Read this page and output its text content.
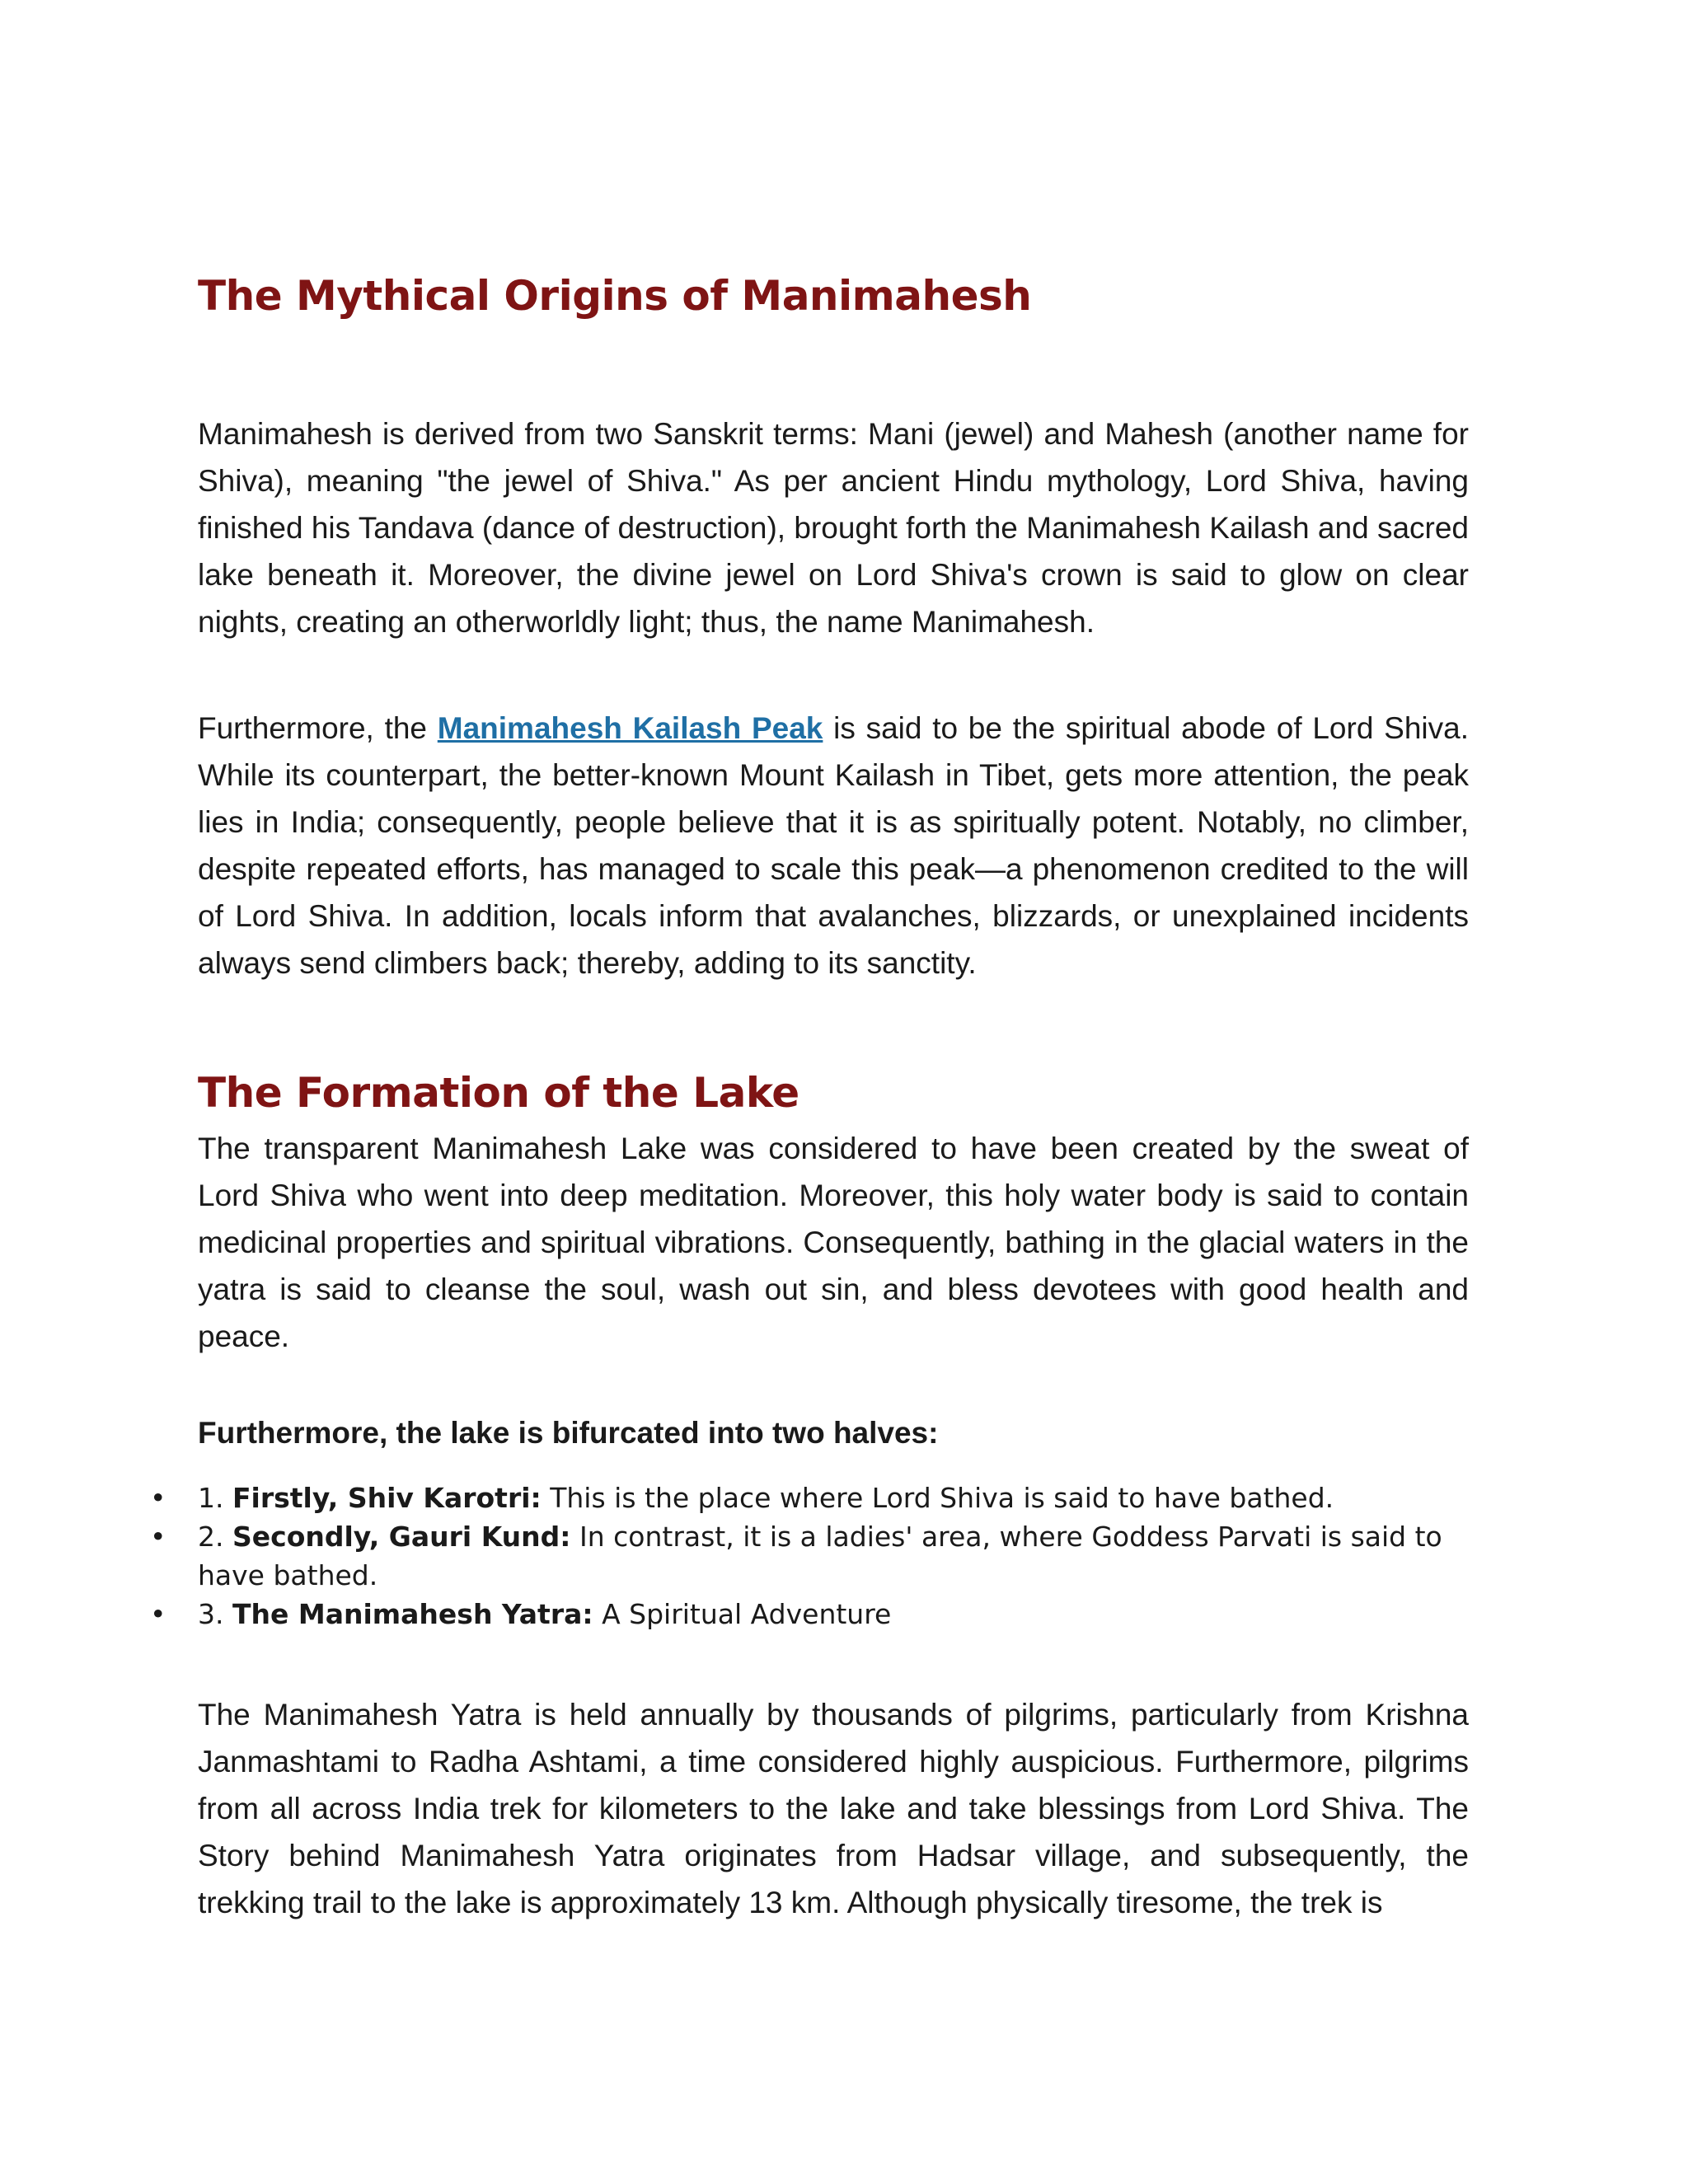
The Mythical Origins of Manimahesh

Manimahesh is derived from two Sanskrit terms: Mani (jewel) and Mahesh (another name for Shiva), meaning "the jewel of Shiva." As per ancient Hindu mythology, Lord Shiva, having finished his Tandava (dance of destruction), brought forth the Manimahesh Kailash and sacred lake beneath it. Moreover, the divine jewel on Lord Shiva's crown is said to glow on clear nights, creating an otherworldly light; thus, the name Manimahesh.

Furthermore, the Manimahesh Kailash Peak is said to be the spiritual abode of Lord Shiva. While its counterpart, the better-known Mount Kailash in Tibet, gets more attention, the peak lies in India; consequently, people believe that it is as spiritually potent. Notably, no climber, despite repeated efforts, has managed to scale this peak—a phenomenon credited to the will of Lord Shiva. In addition, locals inform that avalanches, blizzards, or unexplained incidents always send climbers back; thereby, adding to its sanctity.

The Formation of the Lake

The transparent Manimahesh Lake was considered to have been created by the sweat of Lord Shiva who went into deep meditation. Moreover, this holy water body is said to contain medicinal properties and spiritual vibrations. Consequently, bathing in the glacial waters in the yatra is said to cleanse the soul, wash out sin, and bless devotees with good health and peace.

Furthermore, the lake is bifurcated into two halves:
• 1. Firstly, Shiv Karotri: This is the place where Lord Shiva is said to have bathed.
• 2. Secondly, Gauri Kund: In contrast, it is a ladies' area, where Goddess Parvati is said to have bathed.
• 3. The Manimahesh Yatra: A Spiritual Adventure

The Manimahesh Yatra is held annually by thousands of pilgrims, particularly from Krishna Janmashtami to Radha Ashtami, a time considered highly auspicious. Furthermore, pilgrims from all across India trek for kilometers to the lake and take blessings from Lord Shiva. The Story behind Manimahesh Yatra originates from Hadsar village, and subsequently, the trekking trail to the lake is approximately 13 km. Although physically tiresome, the trek is
